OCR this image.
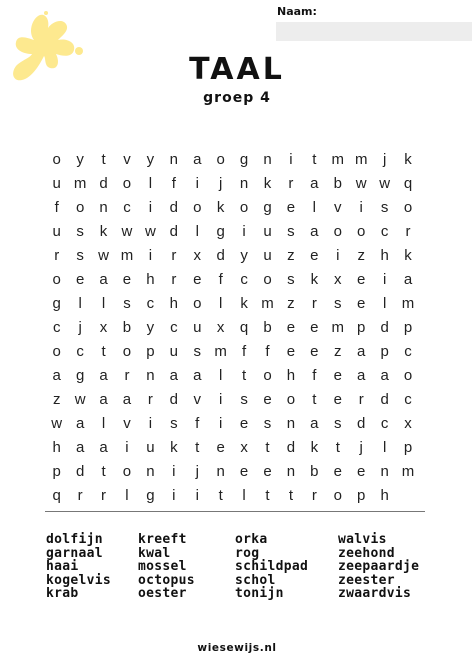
Naam:
TAAL
groep 4
o	y	t	v	y	n	a	o	g	n	i	t	m m	j	k
u m d	o	l	f	i	j	n	k	r	a	b w w q
f	o	n	c	i	d	o	k	o	g	e	l	v	i	s	o
u	s	k w w d	l	g	i	u	s	a	o	o	c	r
r	s w m	i	r	x	d	y	u	z	e	i	z	h	k
o	e	a	e	h	r	e	f	c	o	s	k	x	e	i	a
g	l	l	s	c	h	o	l	k m z	r	s	e	l	m
c	j	x	b	y	c	u	x	q	b	e	e m p	d	p
o	c	t	o	p	u	s m	f	f	e	e	z	a	p	c
a	g	a	r	n	a	a	l	t	o	h	f	e	a	a	o
z w a	a	r	d	v	i	s	e	o	t	e	r	d	c
w a	l	v	i	s	f	i	e	s	n	a	s	d	c	x
h	a	a	i	u	k	t	e	x	t	d	k	t	j	l	p
p	d	t	o	n	i	j	n	e	e	n	b	e	e	n m
q	r	r	l	g	i	i	t	l	t	t	r	o	p	h
dolfijn
garnaal
haai
kogelvis
krab
kreeft
kwal
mossel
octopus
oester
orka
rog
schildpad
schol
tonijn
walvis
zeehond
zeepaardje
zeester
zwaardvis
wiesewijs.nl
